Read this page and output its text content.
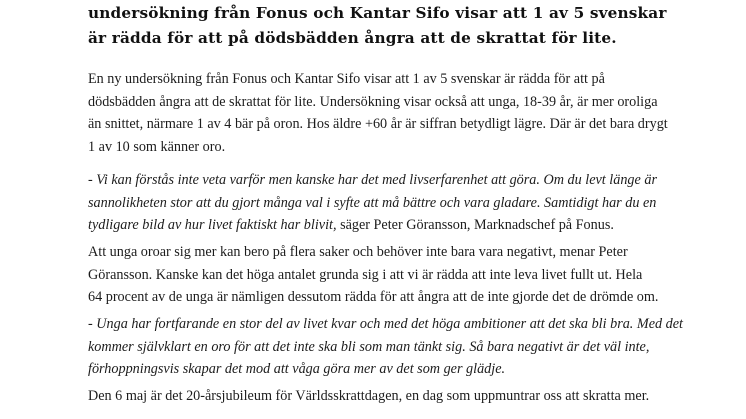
undersökning från Fonus och Kantar Sifo visar att 1 av 5 svenskar
är rädda för att på dödsbädden ångra att de skrattat för lite.

En ny undersökning från Fonus och Kantar Sifo visar att 1 av 5 svenskar är rädda för att på
dödsbädden ångra att de skrattat för lite. Undersökning visar också att unga, 18-39 år, är mer oroliga
än snittet, närmare 1 av 4 bär på oron. Hos äldre +60 år är siffran betydligt lägre. Där är det bara drygt
1 av 10 som känner oro.

- Vi kan förstås inte veta varför men kanske har det med livserfarenhet att göra. Om du levt länge är
sannolikheten stor att du gjort många val i syfte att må bättre och vara gladare. Samtidigt har du en
tydligare bild av hur livet faktiskt har blivit, säger Peter Göransson, Marknadschef på Fonus.

Att unga oroar sig mer kan bero på flera saker och behöver inte bara vara negativt, menar Peter
Göransson. Kanske kan det höga antalet grunda sig i att vi är rädda att inte leva livet fullt ut. Hela
64 procent av de unga är nämligen dessutom rädda för att ångra att de inte gjorde det de drömde om.

- Unga har fortfarande en stor del av livet kvar och med det höga ambitioner att det ska bli bra. Med det
kommer självklart en oro för att det inte ska bli som man tänkt sig. Så bara negativt är det väl inte,
förhoppningsvis skapar det mod att våga göra mer av det som ger glädje.

Den 6 maj är det 20-årsjubileum för Världsskrattdagen, en dag som uppmuntrar oss att skratta mer.
